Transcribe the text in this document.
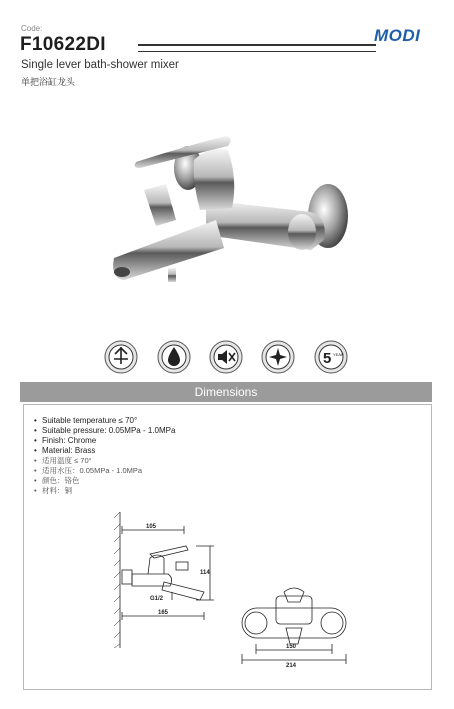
Code:
F10622DI	MODI
Single lever bath-shower mixer
单把浴缸龙头
5 YEAR
Dimensions
• Suitable temperature ≤ 70°
• Suitable pressure: 0.05MPa - 1.0MPa
• Finish: Chrome
• Material: Brass
• 适用温度 ≤ 70°
• 适用水压：0.05MPa - 1.0MPa
• 颜色：铬色
• 材料：铜
105
114
165
G1/2
150
214
